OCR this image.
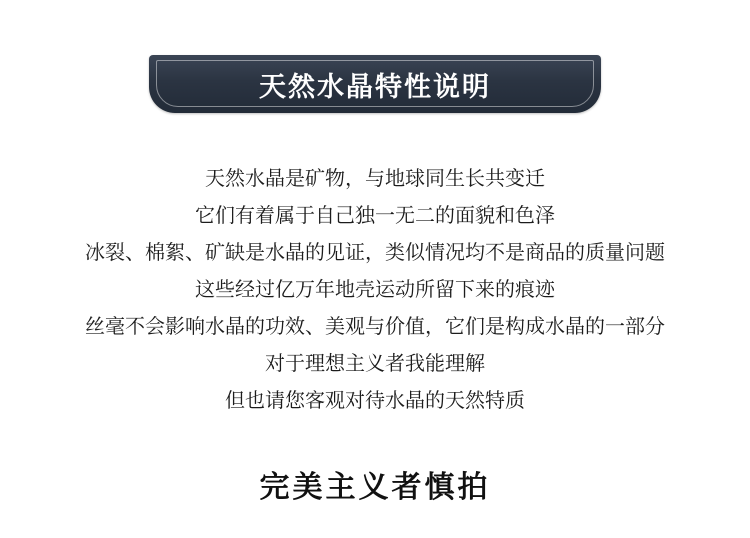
天然水晶特性说明
天然水晶是矿物，与地球同生长共变迁
它们有着属于自己独一无二的面貌和色泽
冰裂、棉絮、矿缺是水晶的见证，类似情况均不是商品的质量问题
这些经过亿万年地壳运动所留下来的痕迹
丝毫不会影响水晶的功效、美观与价值，它们是构成水晶的一部分
对于理想主义者我能理解
但也请您客观对待水晶的天然特质
完美主义者慎拍
